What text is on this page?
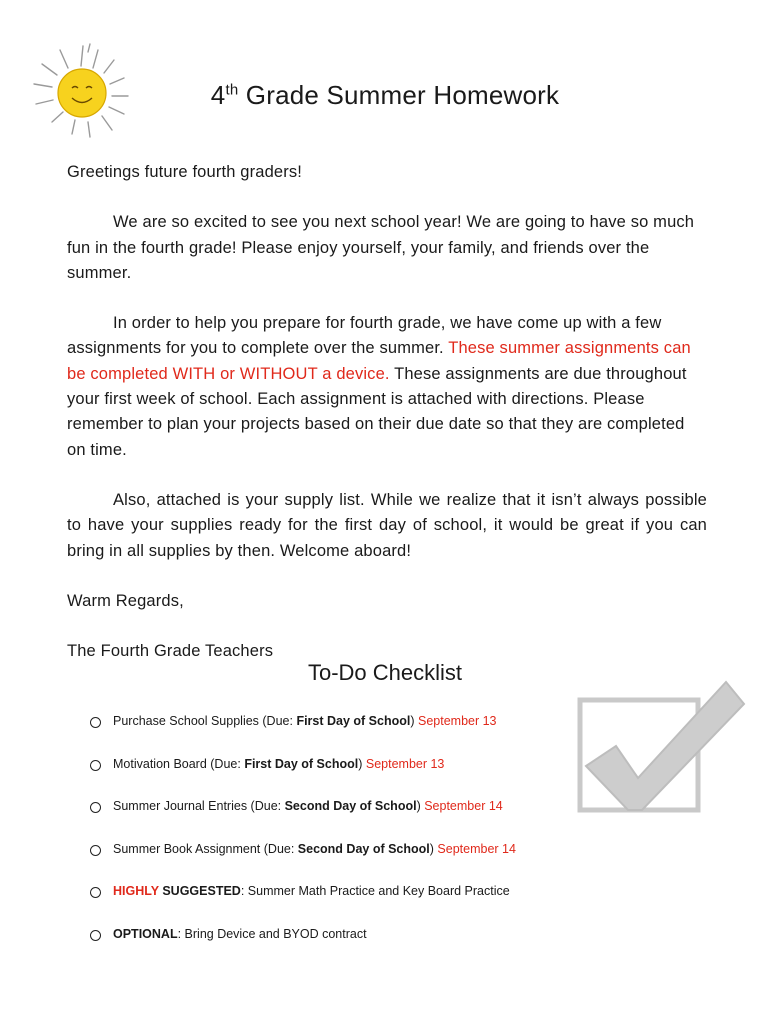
4th Grade Summer Homework

Greetings future fourth graders!

We are so excited to see you next school year! We are going to have so much fun in the fourth grade! Please enjoy yourself, your family, and friends over the summer.

In order to help you prepare for fourth grade, we have come up with a few assignments for you to complete over the summer. These summer assignments can be completed WITH or WITHOUT a device. These assignments are due throughout your first week of school. Each assignment is attached with directions. Please remember to plan your projects based on their due date so that they are completed on time.

Also, attached is your supply list. While we realize that it isn’t always possible to have your supplies ready for the first day of school, it would be great if you can bring in all supplies by then. Welcome aboard!

Warm Regards,

The Fourth Grade Teachers

To-Do Checklist
Purchase School Supplies (Due: First Day of School) September 13
Motivation Board (Due: First Day of School) September 13
Summer Journal Entries (Due: Second Day of School) September 14
Summer Book Assignment (Due: Second Day of School) September 14
HIGHLY SUGGESTED: Summer Math Practice and Key Board Practice
OPTIONAL: Bring Device and BYOD contract
